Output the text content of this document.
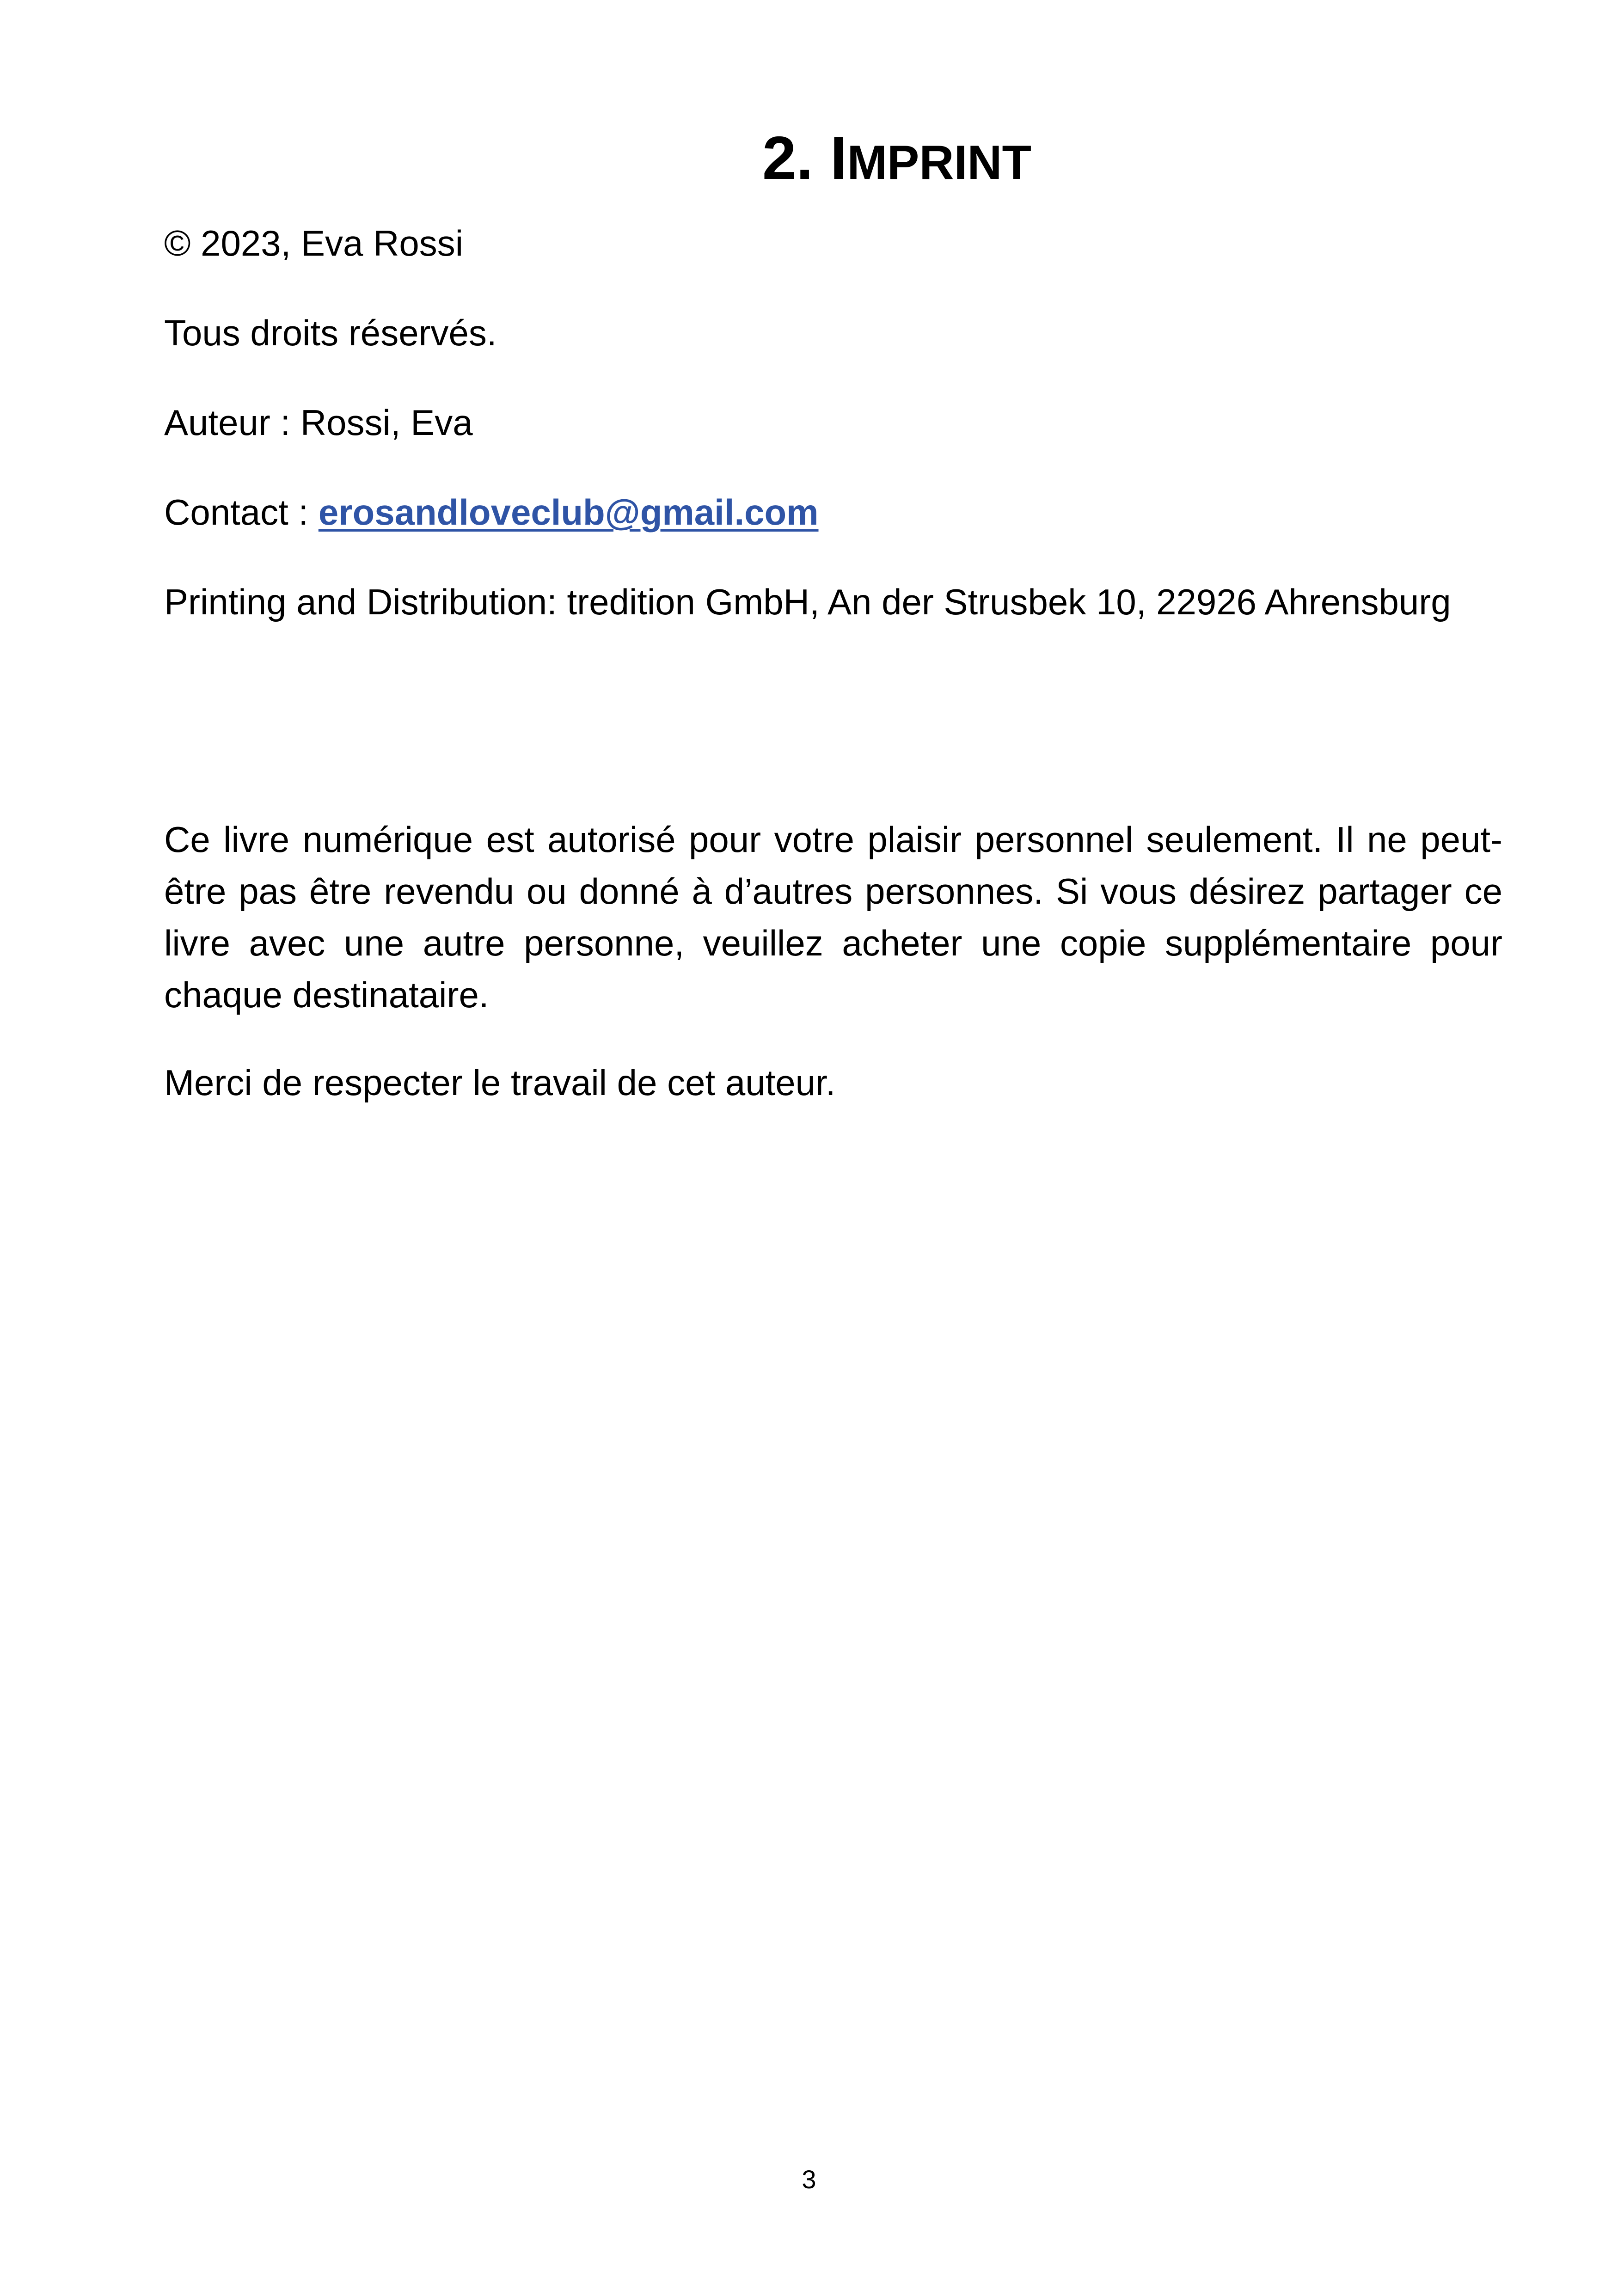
2. IMPRINT

© 2023, Eva Rossi

Tous droits réservés.

Auteur : Rossi, Eva

Contact : erosandloveclub@gmail.com

Printing and Distribution: tredition GmbH, An der Strusbek 10, 22926 Ahrensburg

Ce livre numérique est autorisé pour votre plaisir personnel seulement. Il ne peut-être pas être revendu ou donné à d’autres personnes. Si vous désirez partager ce livre avec une autre personne, veuillez acheter une copie supplémentaire pour chaque destinataire.

Merci de respecter le travail de cet auteur.

3
